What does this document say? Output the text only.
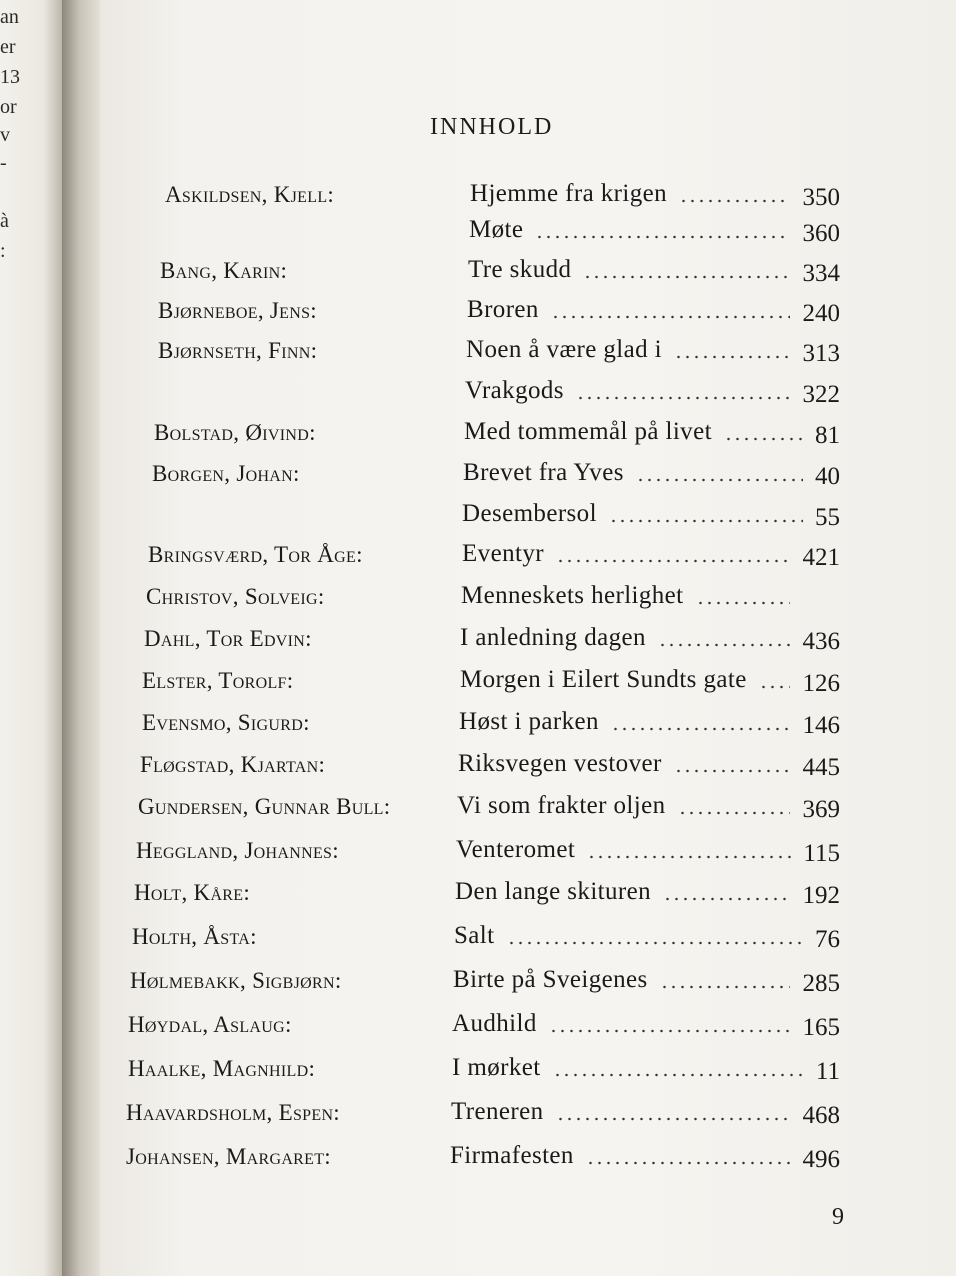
an
er
13
or
v
-
à
:
INNHOLD
Askildsen, Kjell:	Hjemme fra krigen	350
Møte	360
Bang, Karin:	Tre skudd	334
Bjørneboe, Jens:	Broren	240
Bjørnseth, Finn:	Noen å være glad i	313
Vrakgods	322
Bolstad, Øivind:	Med tommemål på livet	81
Borgen, Johan:	Brevet fra Yves	40
Desembersol	55
Bringsværd, Tor Åge:	Eventyr	421
Christov, Solveig:	Menneskets herlighet
Dahl, Tor Edvin:	I anledning dagen	436
Elster, Torolf:	Morgen i Eilert Sundts gate	126
Evensmo, Sigurd:	Høst i parken	146
Fløgstad, Kjartan:	Riksvegen vestover	445
Gundersen, Gunnar Bull:	Vi som frakter oljen	369
Heggland, Johannes:	Venteromet	115
Holt, Kåre:	Den lange skituren	192
Holth, Åsta:	Salt	76
Hølmebakk, Sigbjørn:	Birte på Sveigenes	285
Høydal, Aslaug:	Audhild	165
Haalke, Magnhild:	I mørket	11
Haavardsholm, Espen:	Treneren	468
Johansen, Margaret:	Firmafesten	496
9
